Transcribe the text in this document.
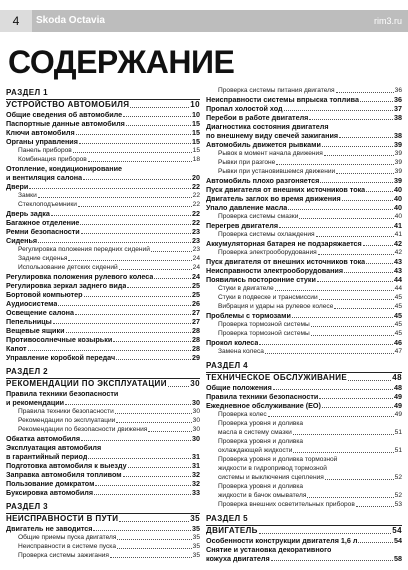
4	Skoda Octavia	rim3.ru
СОДЕРЖАНИЕ
РАЗДЕЛ 1
УСТРОЙСТВО АВТОМОБИЛЯ	10
Общие сведения об автомобиле	10
Паспортные данные автомобиля	15
Ключи автомобиля	15
Органы управления	15
Панель приборов	15
Комбинация приборов	18
Отопление, кондиционирование
и вентиляция салона	20
Двери	22
Замки	22
Стеклоподъемники	22
Дверь задка	22
Багажное отделение	22
Ремни безопасности	23
Сиденья	23
Регулировка положения передних сидений	23
Задние сиденья	24
Использование детских сидений	24
Регулировка положения рулевого колеса	24
Регулировка зеркал заднего вида	25
Бортовой компьютер	25
Аудиосистема	26
Освещение салона	27
Пепельницы	27
Вещевые ящики	28
Противосолнечные козырьки	28
Капот	28
Управление коробкой передач	29
РАЗДЕЛ 2
РЕКОМЕНДАЦИИ ПО ЭКСПЛУАТАЦИИ	30
Правила техники безопасности
и рекомендации	30
Правила техники безопасности	30
Рекомендации по эксплуатации	30
Рекомендации по безопасности движения	30
Обкатка автомобиля	30
Эксплуатация автомобиля
в гарантийный период	31
Подготовка автомобиля к выезду	31
Заправка автомобиля топливом	32
Пользование домкратом	32
Буксировка автомобиля	33
РАЗДЕЛ 3
НЕИСПРАВНОСТИ В ПУТИ	35
Двигатель не заводится	35
Общие приемы пуска двигателя	35
Неисправности в системе пуска	35
Проверка системы зажигания	35
Проверка системы питания двигателя	36
Неисправности системы впрыска топлива	36
Пропал холостой ход	37
Перебои в работе двигателя	38
Диагностика состояния двигателя
по внешнему виду свечей зажигания	38
Автомобиль движется рывками	39
Рывок в момент начала движения	39
Рывки при разгоне	39
Рывки при установившемся движении	39
Автомобиль плохо разгоняется	39
Пуск двигателя от внешних источников тока	40
Двигатель заглох во время движения	40
Упало давление масла	40
Проверка системы смазки	40
Перегрев двигателя	41
Проверка системы охлаждения	41
Аккумуляторная батарея не подзаряжается	42
Проверка электрооборудования	42
Пуск двигателя от внешних источников тока	43
Неисправности электрооборудования	43
Появились посторонние стуки	44
Стуки в двигателе	44
Стуки в подвеске и трансмиссии	45
Вибрация и удары на рулевое колесе	45
Проблемы с тормозами	45
Проверка тормозной системы	45
Проверка тормозной системы	45
Прокол колеса	46
Замена колеса	47
РАЗДЕЛ 4
ТЕХНИЧЕСКОЕ ОБСЛУЖИВАНИЕ	48
Общие положения	48
Правила техники безопасности	49
Ежедневное обслуживание (ЕО)	49
Проверка колес	49
Проверка уровня и доливка
масла в систему смазки	51
Проверка уровня и доливка
охлаждающей жидкости	51
Проверка уровня и доливка тормозной
жидкости в гидропривод тормозной
системы и выключения сцепления	52
Проверка уровня и доливка
жидкости в бачок омывателя	52
Проверка внешних осветительных приборов	53
РАЗДЕЛ 5
ДВИГАТЕЛЬ	54
Особенности конструкции двигателя 1,6 л	54
Снятие и установка декоративного
кожуха двигателя	58
